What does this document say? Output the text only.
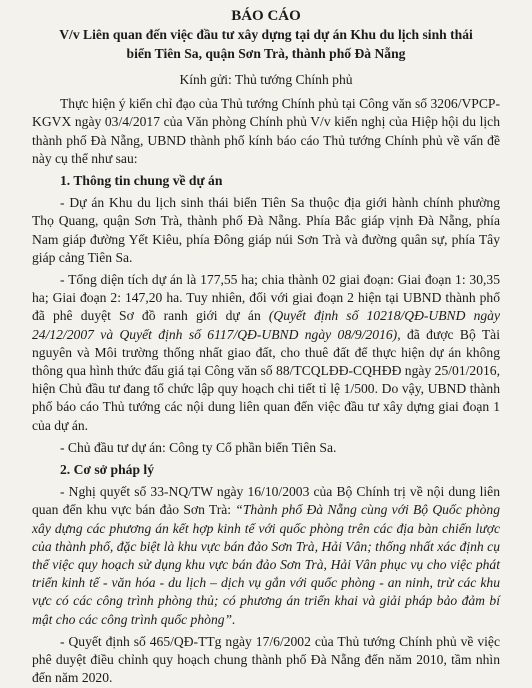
BÁO CÁO
V/v Liên quan đến việc đầu tư xây dựng tại dự án Khu du lịch sinh thái
biển Tiên Sa, quận Sơn Trà, thành phố Đà Nẵng
Kính gửi: Thủ tướng Chính phủ

Thực hiện ý kiến chỉ đạo của Thủ tướng Chính phủ tại Công văn số 3206/VPCP-KGVX ngày 03/4/2017 của Văn phòng Chính phủ V/v kiến nghị của Hiệp hội du lịch thành phố Đà Nẵng, UBND thành phố kính báo cáo Thủ tướng Chính phủ về vấn đề này cụ thể như sau:

1. Thông tin chung về dự án

- Dự án Khu du lịch sinh thái biển Tiên Sa thuộc địa giới hành chính phường Thọ Quang, quận Sơn Trà, thành phố Đà Nẵng. Phía Bắc giáp vịnh Đà Nẵng, phía Nam giáp đường Yết Kiêu, phía Đông giáp núi Sơn Trà và đường quân sự, phía Tây giáp cảng Tiên Sa.

- Tổng diện tích dự án là 177,55 ha; chia thành 02 giai đoạn: Giai đoạn 1: 30,35 ha; Giai đoạn 2: 147,20 ha. Tuy nhiên, đối với giai đoạn 2 hiện tại UBND thành phố đã phê duyệt Sơ đồ ranh giới dự án (Quyết định số 10218/QĐ-UBND ngày 24/12/2007 và Quyết định số 6117/QĐ-UBND ngày 08/9/2016), đã được Bộ Tài nguyên và Môi trường thống nhất giao đất, cho thuê đất để thực hiện dự án không thông qua hình thức đấu giá tại Công văn số 88/TCQLĐĐ-CQHĐĐ ngày 25/01/2016, hiện Chủ đầu tư đang tổ chức lập quy hoạch chi tiết tỉ lệ 1/500. Do vậy, UBND thành phố báo cáo Thủ tướng các nội dung liên quan đến việc đầu tư xây dựng giai đoạn 1 của dự án.

- Chủ đầu tư dự án: Công ty Cổ phần biển Tiên Sa.

2. Cơ sở pháp lý

- Nghị quyết số 33-NQ/TW ngày 16/10/2003 của Bộ Chính trị về nội dung liên quan đến khu vực bán đảo Sơn Trà: “Thành phố Đà Nẵng cùng với Bộ Quốc phòng xây dựng các phương án kết hợp kinh tế với quốc phòng trên các địa bàn chiến lược của thành phố, đặc biệt là khu vực bán đảo Sơn Trà, Hải Vân; thống nhất xác định cụ thể việc quy hoạch sử dụng khu vực bán đảo Sơn Trà, Hải Vân phục vụ cho việc phát triển kinh tế - văn hóa - du lịch – dịch vụ gắn với quốc phòng - an ninh, trừ các khu vực có các công trình phòng thủ; có phương án triển khai và giải pháp bảo đảm bí mật cho các công trình quốc phòng”.

- Quyết định số 465/QĐ-TTg ngày 17/6/2002 của Thủ tướng Chính phủ về việc phê duyệt điều chỉnh quy hoạch chung thành phố Đà Nẵng đến năm 2010, tầm nhìn đến năm 2020.
